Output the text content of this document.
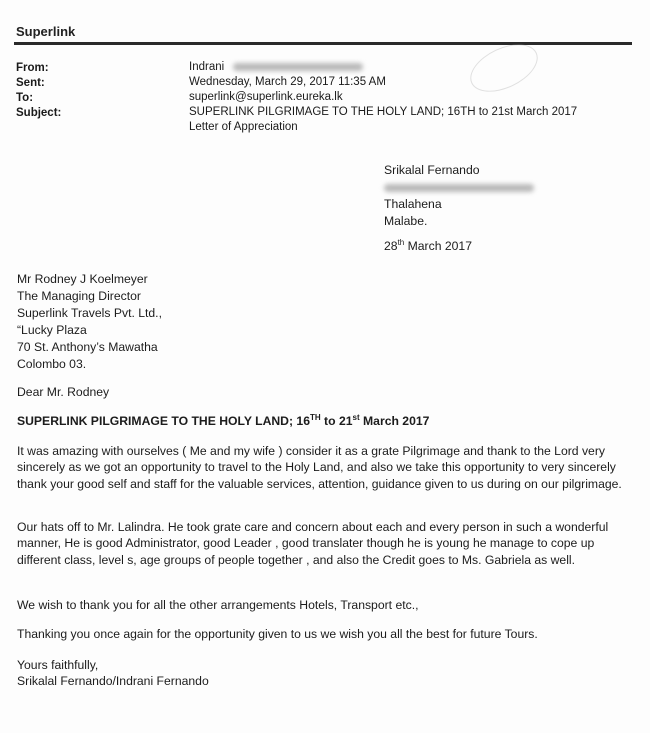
Superlink
From:	Indrani
Sent:	Wednesday, March 29, 2017 11:35 AM
To:	superlink@superlink.eureka.lk
Subject:	SUPERLINK PILGRIMAGE TO THE HOLY LAND; 16TH to 21st March 2017 Letter of Appreciation
Srikalal Fernando
Thalahena
Malabe.
28th March 2017
Mr Rodney J Koelmeyer
The Managing Director
Superlink Travels Pvt. Ltd.,
“Lucky Plaza
70 St. Anthony’s Mawatha
Colombo 03.
Dear Mr. Rodney
SUPERLINK PILGRIMAGE TO THE HOLY LAND; 16TH to 21st March 2017
It was amazing with ourselves ( Me and my wife ) consider it as a grate Pilgrimage and thank to the Lord very sincerely as we got an opportunity to travel to the Holy Land, and also we take this opportunity to very sincerely thank your good self and staff for the valuable services, attention, guidance given to us during on our pilgrimage.
Our hats off to Mr. Lalindra. He took grate care and concern about each and every person in such a wonderful manner, He is good Administrator, good Leader , good translater though he is young he manage to cope up different class, level s, age groups of people together , and also the Credit goes to Ms. Gabriela as well.
We wish to thank you for all the other arrangements Hotels, Transport etc.,
Thanking you once again for the opportunity given to us we wish you all the best for future Tours.
Yours faithfully,
Srikalal Fernando/Indrani Fernando
